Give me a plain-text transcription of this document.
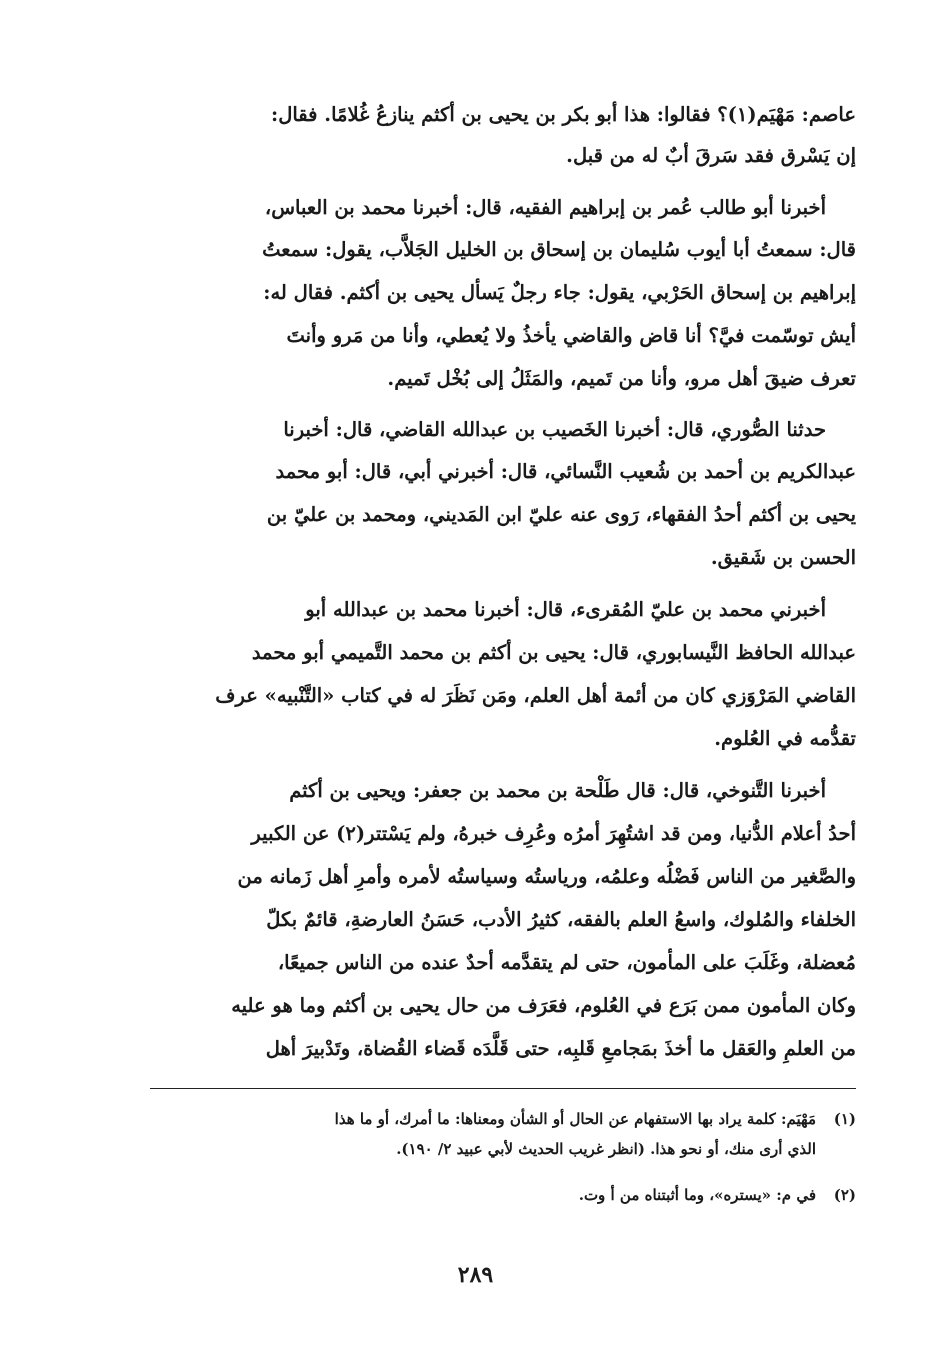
عاصم: مَهْيَم(١)؟ فقالوا: هذا أبو بكر بن يحيى بن أكثم ينازعُ غُلامًا. فقال:
إن يَسْرق فقد سَرقَ أبٌ له من قبل.
أخبرنا أبو طالب عُمر بن إبراهيم الفقيه، قال: أخبرنا محمد بن العباس،
قال: سمعتُ أبا أيوب سُليمان بن إسحاق بن الخليل الجَلاَّب، يقول: سمعتُ
إبراهيم بن إسحاق الحَرْبي، يقول: جاء رجلٌ يَسأل يحيى بن أكثم. فقال له:
أيش توسّمت فيَّ؟ أنا قاض والقاضي يأخذُ ولا يُعطي، وأنا من مَرو وأنتَ
تعرف ضيقَ أهل مرو، وأنا من تَميم، والمَثَلُ إلى بُخْل تَميم.
حدثنا الصُّوري، قال: أخبرنا الخَصيب بن عبدالله القاضي، قال: أخبرنا
عبدالكريم بن أحمد بن شُعيب النَّسائي، قال: أخبرني أبي، قال: أبو محمد
يحيى بن أكثم أحدُ الفقهاء، رَوى عنه عليّ ابن المَديني، ومحمد بن عليّ بن
الحسن بن شَقيق.
أخبرني محمد بن عليّ المُقرىء، قال: أخبرنا محمد بن عبدالله أبو
عبدالله الحافظ النَّيسابوري، قال: يحيى بن أكثم بن محمد التَّميمي أبو محمد
القاضي المَرْوَزي كان من أئمة أهل العلم، ومَن نَظَرَ له في كتاب «التَّنْبيه» عرف
تقدُّمه في العُلوم.
أخبرنا التَّنوخي، قال: قال طَلْحة بن محمد بن جعفر: ويحيى بن أكثم
أحدُ أعلام الدُّنيا، ومن قد اشتُهِرَ أمرُه وعُرِف خبرهُ، ولم يَسْتتر(٢) عن الكبير
والصَّغير من الناس فَضْلُه وعلمُه، ورياستُه وسياستُه لأمره وأمرِ أهل زَمانه من
الخلفاء والمُلوك، واسعُ العلم بالفقه، كثيرُ الأدب، حَسَنُ العارضةِ، قائمٌ بكلّ
مُعضلة، وغَلَبَ على المأمون، حتى لم يتقدَّمه أحدٌ عنده من الناس جميعًا،
وكان المأمون ممن بَرَع في العُلوم، فعَرَف من حال يحيى بن أكثم وما هو عليه
من العلمِ والعَقل ما أخذَ بمَجامعِ قَلبِه، حتى قَلَّدَه قَضاء القُضاة، وتَدْبيرَ أهل
(١)مَهْيَم: كلمة يراد بها الاستفهام عن الحال أو الشأن ومعناها: ما أمرك، أو ما هذا
الذي أرى منك، أو نحو هذا. (انظر غريب الحديث لأبي عبيد ٢/ ١٩٠).
(٢)في م: «يستره»، وما أثبتناه من أ وت.
٢٨٩
